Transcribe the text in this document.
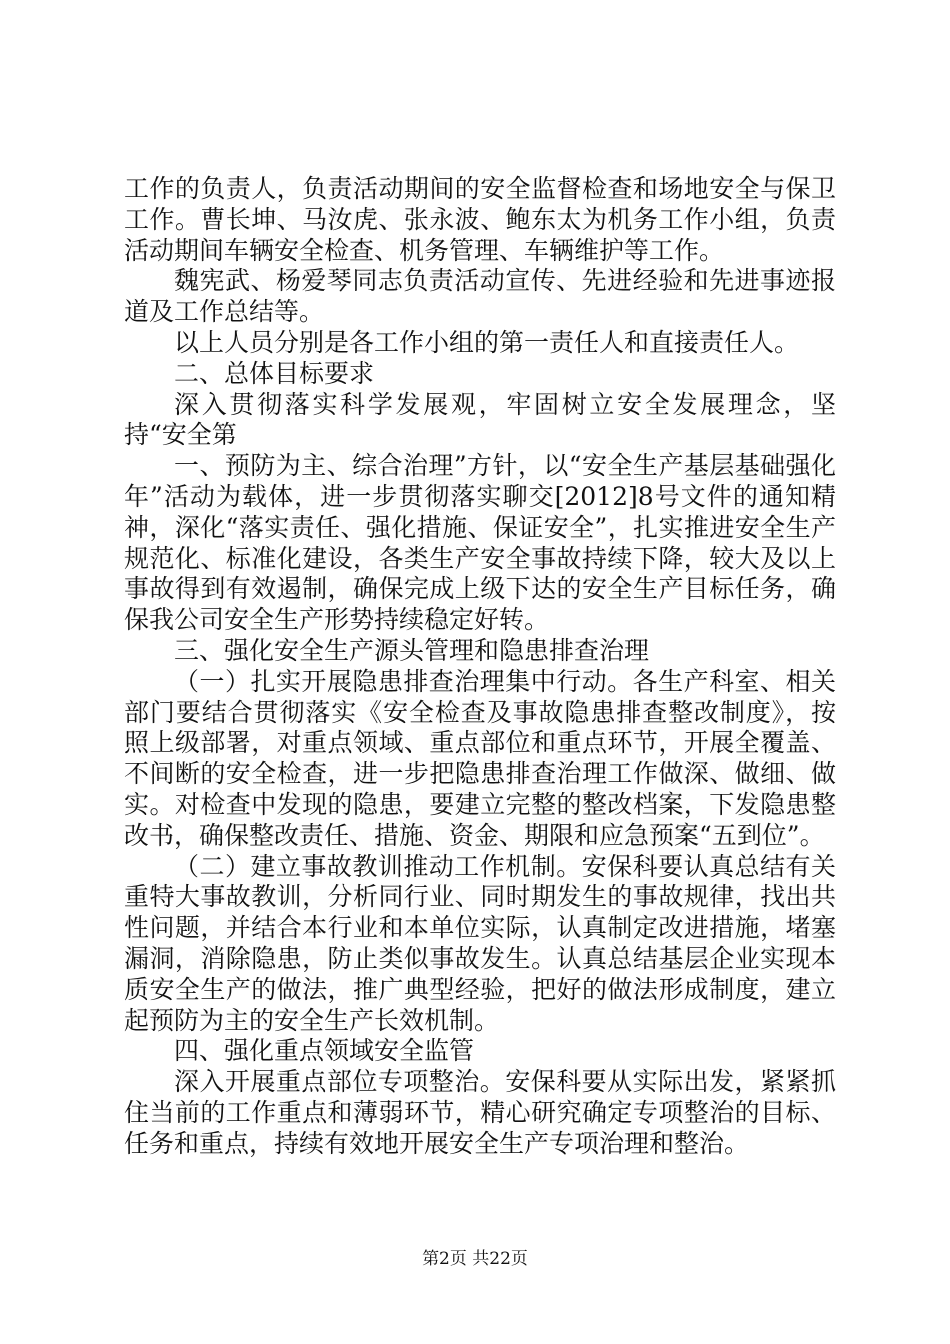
工作的负责人，负责活动期间的安全监督检查和场地安全与保卫工作。曹长坤、马汝虎、张永波、鲍东太为机务工作小组，负责活动期间车辆安全检查、机务管理、车辆维护等工作。

魏宪武、杨爱琴同志负责活动宣传、先进经验和先进事迹报道及工作总结等。

以上人员分别是各工作小组的第一责任人和直接责任人。

二、总体目标要求

深入贯彻落实科学发展观，牢固树立安全发展理念，坚持“安全第

一、预防为主、综合治理”方针，以“安全生产基层基础强化年”活动为载体，进一步贯彻落实聊交[2012]8号文件的通知精神，深化“落实责任、强化措施、保证安全”，扎实推进安全生产规范化、标准化建设，各类生产安全事故持续下降，较大及以上事故得到有效遏制，确保完成上级下达的安全生产目标任务，确保我公司安全生产形势持续稳定好转。

三、强化安全生产源头管理和隐患排查治理

（一）扎实开展隐患排查治理集中行动。各生产科室、相关部门要结合贯彻落实《安全检查及事故隐患排查整改制度》，按照上级部署，对重点领域、重点部位和重点环节，开展全覆盖、不间断的安全检查，进一步把隐患排查治理工作做深、做细、做实。对检查中发现的隐患，要建立完整的整改档案，下发隐患整改书，确保整改责任、措施、资金、期限和应急预案“五到位”。

（二）建立事故教训推动工作机制。安保科要认真总结有关重特大事故教训，分析同行业、同时期发生的事故规律，找出共性问题，并结合本行业和本单位实际，认真制定改进措施，堵塞漏洞，消除隐患，防止类似事故发生。认真总结基层企业实现本质安全生产的做法，推广典型经验，把好的做法形成制度，建立起预防为主的安全生产长效机制。

四、强化重点领域安全监管

深入开展重点部位专项整治。安保科要从实际出发，紧紧抓住当前的工作重点和薄弱环节，精心研究确定专项整治的目标、任务和重点，持续有效地开展安全生产专项治理和整治。

第2页 共22页
